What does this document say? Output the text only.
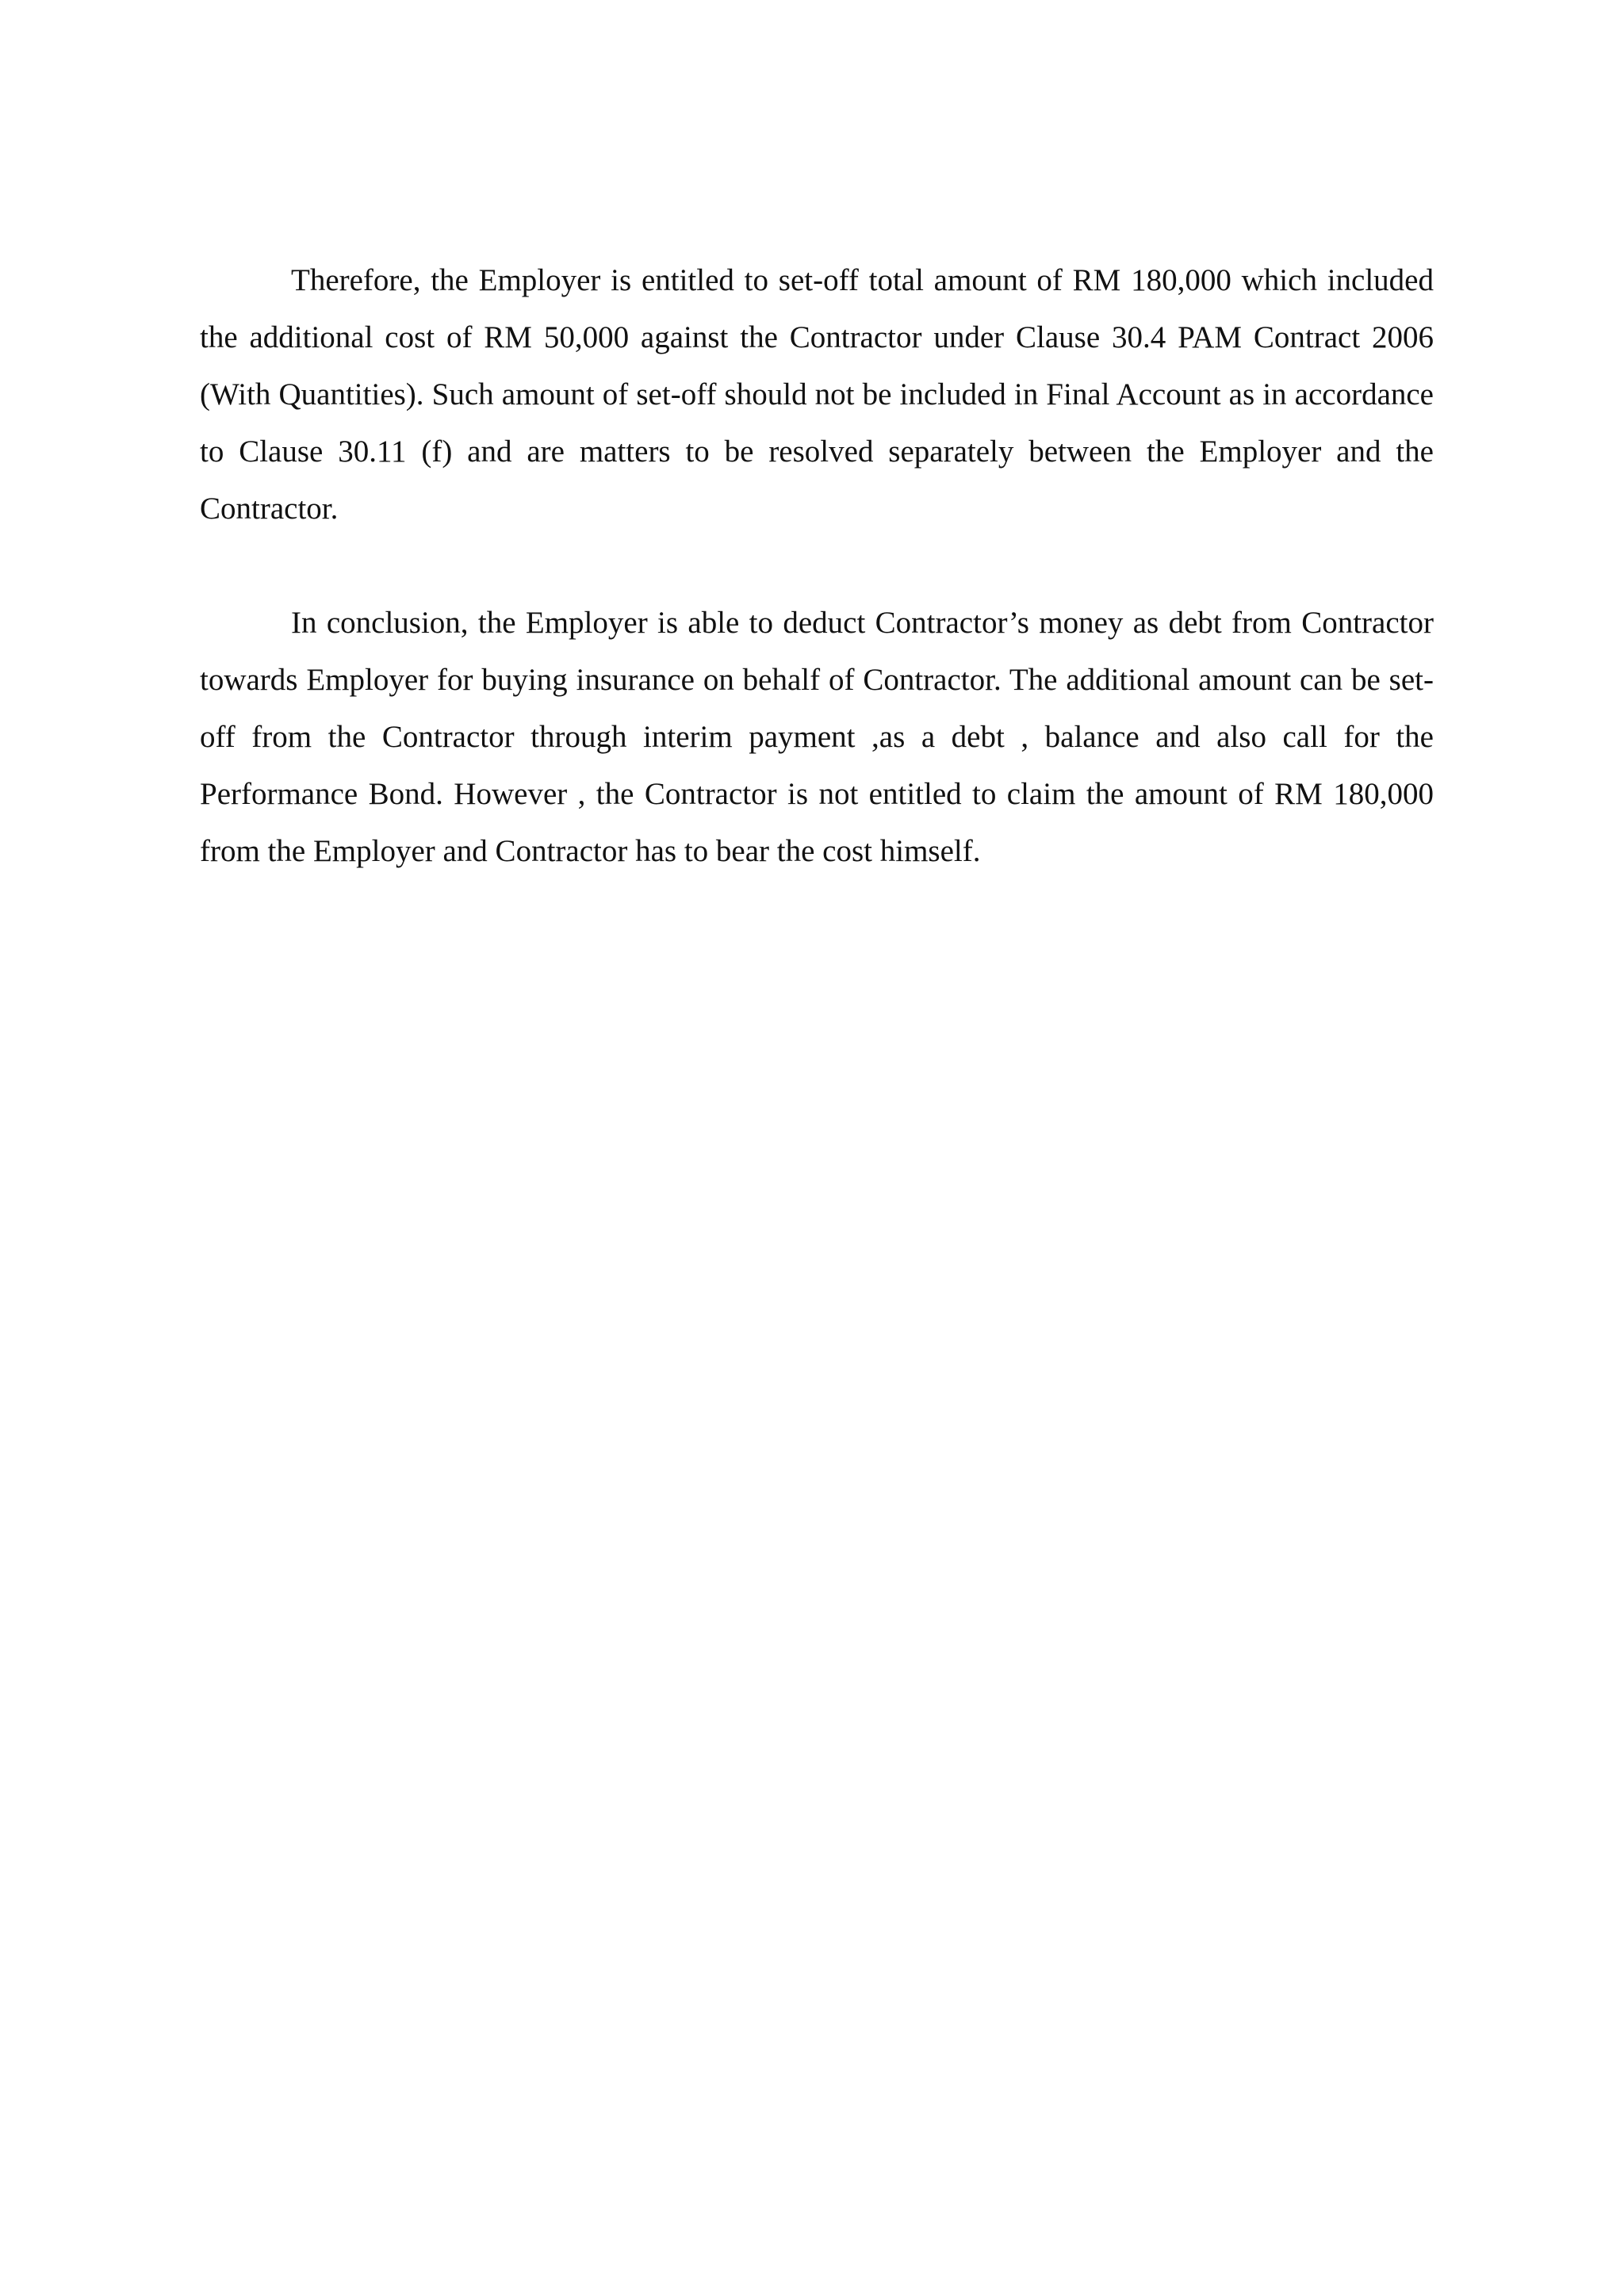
Therefore, the Employer is entitled to set-off total amount of RM 180,000 which included the additional cost of RM 50,000 against the Contractor under Clause 30.4 PAM Contract 2006 (With Quantities). Such amount of set-off should not be included in Final Account as in accordance to Clause 30.11 (f) and are matters to be resolved separately between the Employer and the Contractor.

In conclusion, the Employer is able to deduct Contractor’s money as debt from Contractor towards Employer for buying insurance on behalf of Contractor. The additional amount can be set-off from the Contractor through interim payment ,as a debt , balance and also call for the Performance Bond. However , the Contractor is not entitled to claim the amount of RM 180,000 from the Employer and Contractor has to bear the cost himself.
